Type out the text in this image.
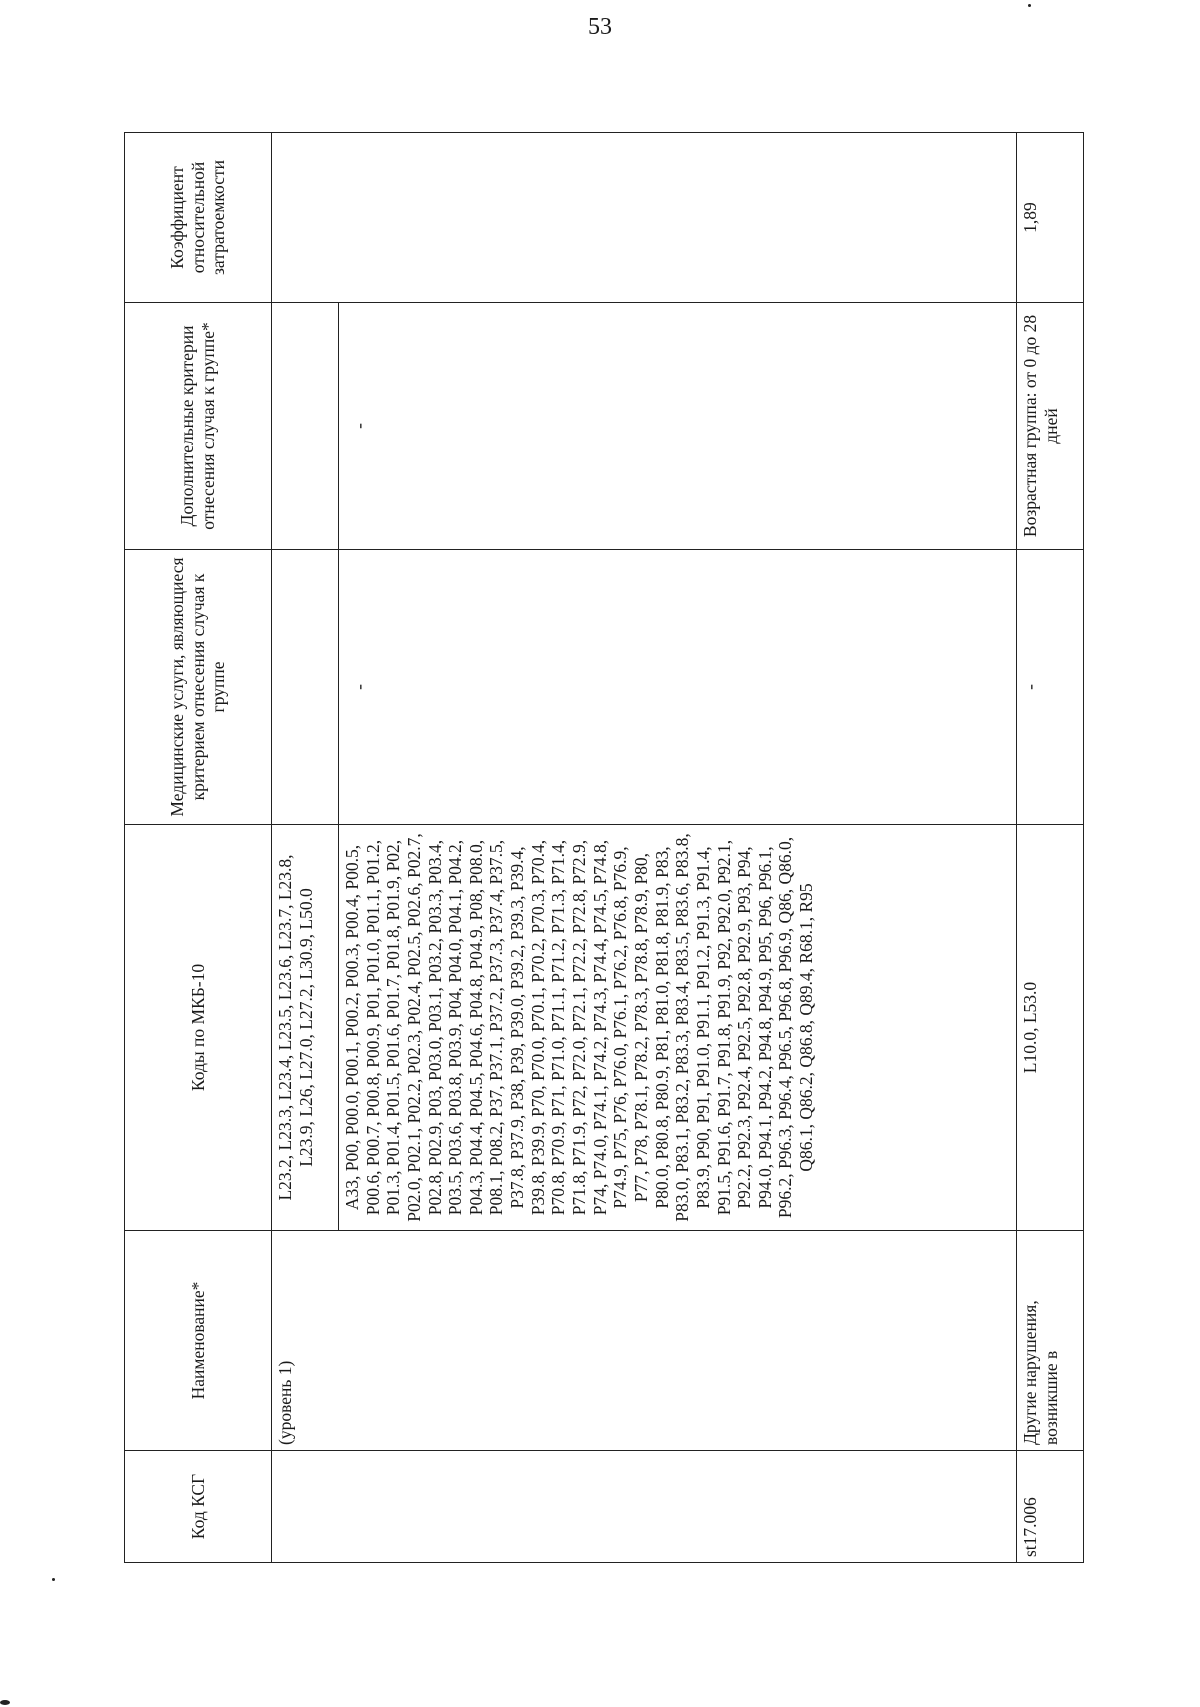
53
Код КСГ	Наименование*	Коды по МКБ-10	Медицинские услуги, являющиеся критерием отнесения случая к группе	Дополнительные критерии отнесения случая к группе*	Коэффициент относительной затратоемкости
	(уровень 1)	L23.2, L23.3, L23.4, L23.5, L23.6, L23.7, L23.8, L23.9, L26, L27.0, L27.2, L30.9, L50.0			
		A33, P00, P00.0, P00.1, P00.2, P00.3, P00.4, P00.5, P00.6, P00.7, P00.8, P00.9, P01, P01.0, P01.1, P01.2, P01.3, P01.4, P01.5, P01.6, P01.7, P01.8, P01.9, P02, P02.0, P02.1, P02.2, P02.3, P02.4, P02.5, P02.6, P02.7, P02.8, P02.9, P03, P03.0, P03.1, P03.2, P03.3, P03.4, P03.5, P03.6, P03.8, P03.9, P04, P04.0, P04.1, P04.2, P04.3, P04.4, P04.5, P04.6, P04.8, P04.9, P08, P08.0, P08.1, P08.2, P37, P37.1, P37.2, P37.3, P37.4, P37.5, P37.8, P37.9, P38, P39, P39.0, P39.2, P39.3, P39.4, P39.8, P39.9, P70, P70.0, P70.1, P70.2, P70.3, P70.4, P70.8, P70.9, P71, P71.0, P71.1, P71.2, P71.3, P71.4, P71.8, P71.9, P72, P72.0, P72.1, P72.2, P72.8, P72.9, P74, P74.0, P74.1, P74.2, P74.3, P74.4, P74.5, P74.8, P74.9, P75, P76, P76.0, P76.1, P76.2, P76.8, P76.9, P77, P78, P78.1, P78.2, P78.3, P78.8, P78.9, P80, P80.0, P80.8, P80.9, P81, P81.0, P81.8, P81.9, P83, P83.0, P83.1, P83.2, P83.3, P83.4, P83.5, P83.6, P83.8, P83.9, P90, P91, P91.0, P91.1, P91.2, P91.3, P91.4, P91.5, P91.6, P91.7, P91.8, P91.9, P92, P92.0, P92.1, P92.2, P92.3, P92.4, P92.5, P92.8, P92.9, P93, P94, P94.0, P94.1, P94.2, P94.8, P94.9, P95, P96, P96.1, P96.2, P96.3, P96.4, P96.5, P96.8, P96.9, Q86, Q86.0, Q86.1, Q86.2, Q86.8, Q89.4, R68.1, R95	-	-	
st17.006	Другие нарушения, возникшие в	L10.0, L53.0	-	Возрастная группа: от 0 до 28 дней	1,89
